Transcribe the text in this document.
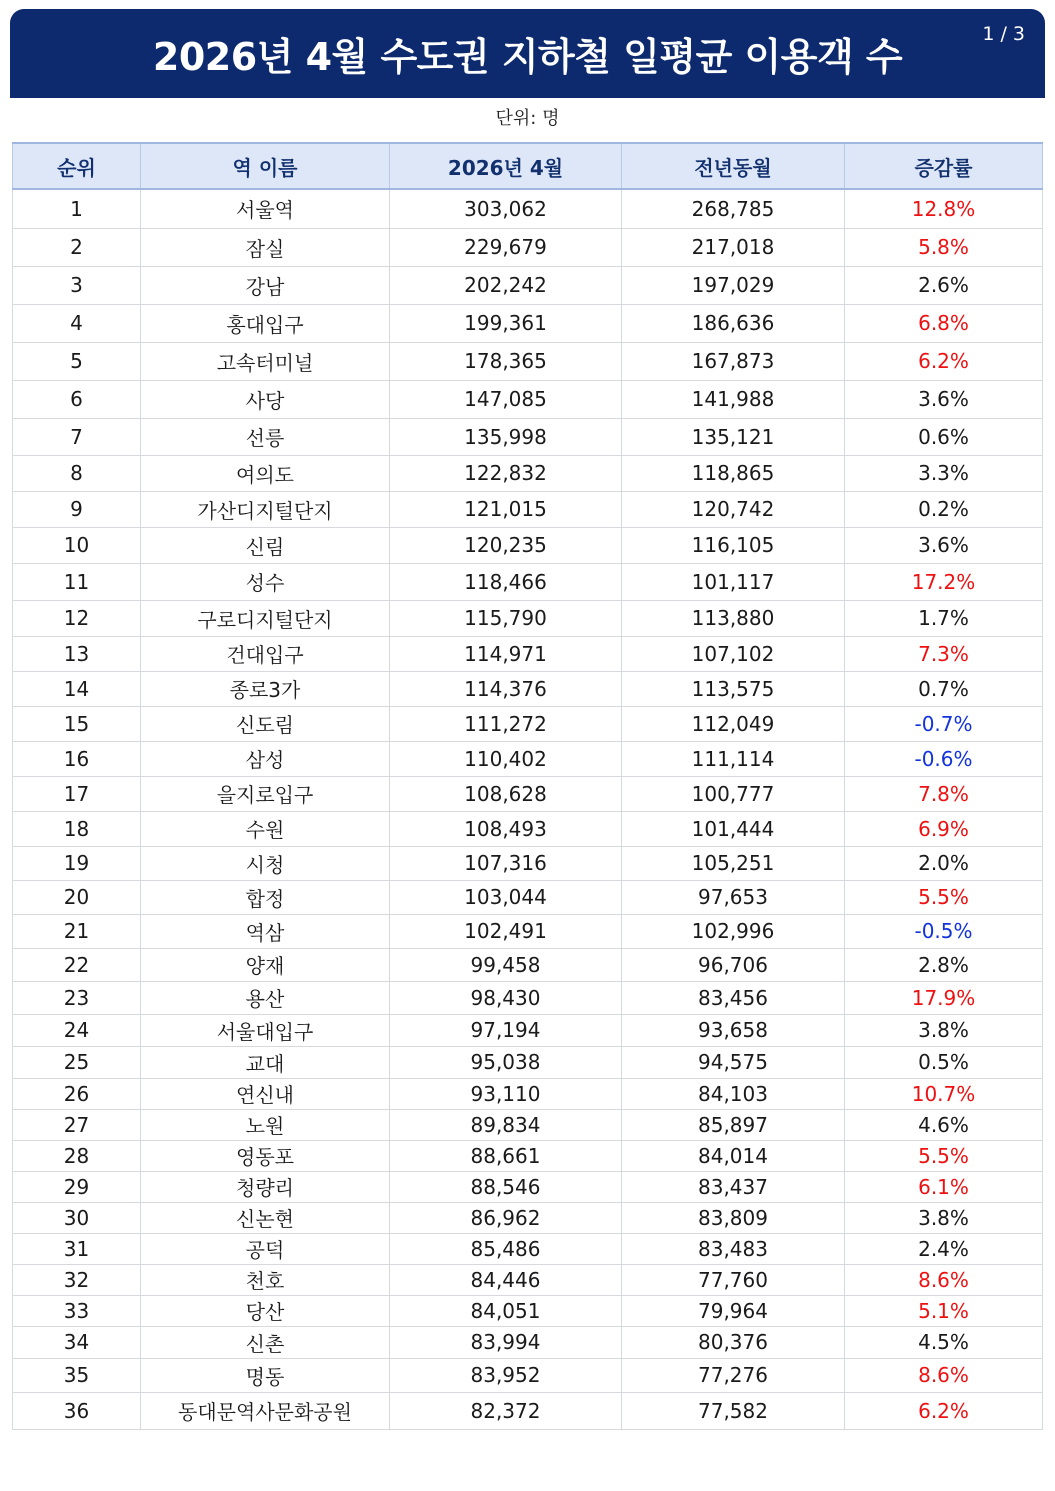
2026년 4월 수도권 지하철 일평균 이용객 수
1 / 3
단위: 명
순위	역 이름	2026년 4월	전년동월	증감률
1	서울역	303,062	268,785	12.8%
2	잠실	229,679	217,018	5.8%
3	강남	202,242	197,029	2.6%
4	홍대입구	199,361	186,636	6.8%
5	고속터미널	178,365	167,873	6.2%
6	사당	147,085	141,988	3.6%
7	선릉	135,998	135,121	0.6%
8	여의도	122,832	118,865	3.3%
9	가산디지털단지	121,015	120,742	0.2%
10	신림	120,235	116,105	3.6%
11	성수	118,466	101,117	17.2%
12	구로디지털단지	115,790	113,880	1.7%
13	건대입구	114,971	107,102	7.3%
14	종로3가	114,376	113,575	0.7%
15	신도림	111,272	112,049	-0.7%
16	삼성	110,402	111,114	-0.6%
17	을지로입구	108,628	100,777	7.8%
18	수원	108,493	101,444	6.9%
19	시청	107,316	105,251	2.0%
20	합정	103,044	97,653	5.5%
21	역삼	102,491	102,996	-0.5%
22	양재	99,458	96,706	2.8%
23	용산	98,430	83,456	17.9%
24	서울대입구	97,194	93,658	3.8%
25	교대	95,038	94,575	0.5%
26	연신내	93,110	84,103	10.7%
27	노원	89,834	85,897	4.6%
28	영동포	88,661	84,014	5.5%
29	청량리	88,546	83,437	6.1%
30	신논현	86,962	83,809	3.8%
31	공덕	85,486	83,483	2.4%
32	천호	84,446	77,760	8.6%
33	당산	84,051	79,964	5.1%
34	신촌	83,994	80,376	4.5%
35	명동	83,952	77,276	8.6%
36	동대문역사문화공원	82,372	77,582	6.2%
